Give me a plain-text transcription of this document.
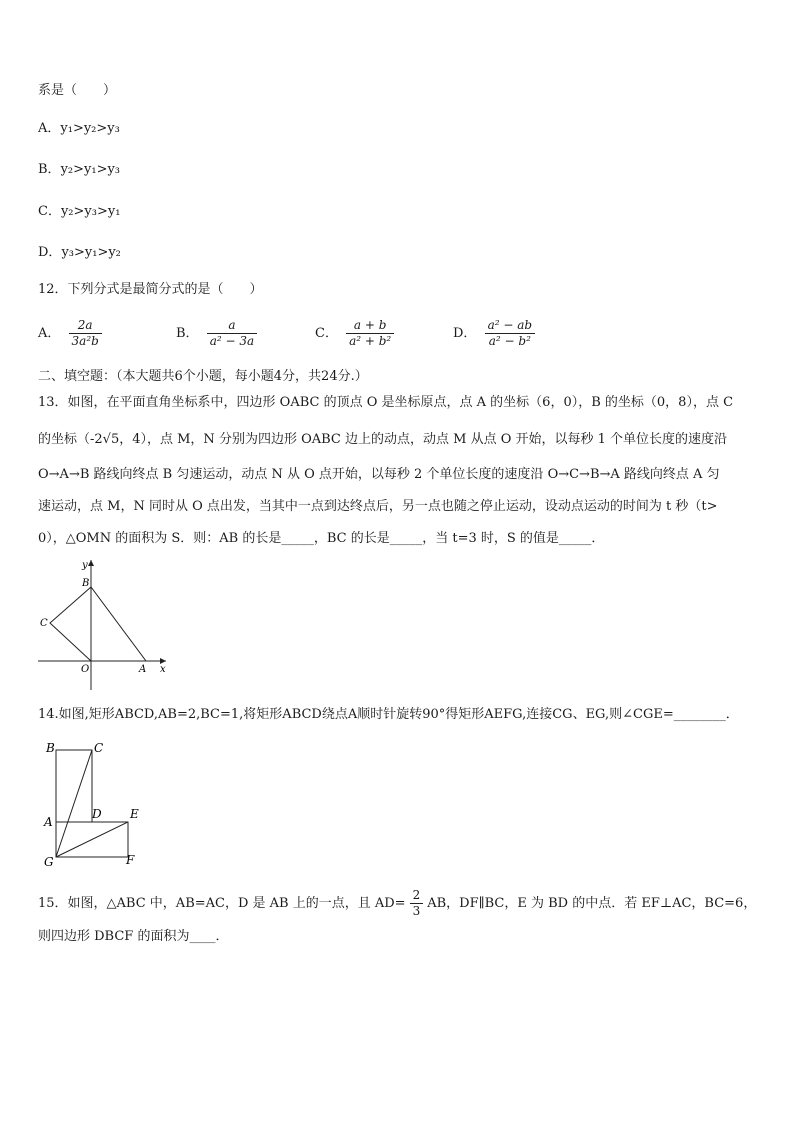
系是（　　）
A．y₁>y₂>y₃
B．y₂>y₁>y₃
C．y₂>y₃>y₁
D．y₃>y₁>y₂
12．下列分式是最简分式的是（　　）
A． $\frac{2a}{\text{3a²b}}$	B． $\frac{a}{\text{a² − 3a}}$	C． $\frac{a + b}{\text{a² + b²}}$	D． $\frac{\text{a² − ab}}{\text{a² − b²}}$
二、填空题：（本大题共6个小题，每小题4分，共24分.）
13．如图，在平面直角坐标系中，四边形 OABC 的顶点 O 是坐标原点，点 A 的坐标（6，0），B 的坐标（0，8），点 C
的坐标（-2√5，4），点 M，N 分别为四边形 OABC 边上的动点，动点 M 从点 O 开始，以每秒 1 个单位长度的速度沿
O→A→B 路线向终点 B 匀速运动，动点 N 从 O 点开始，以每秒 2 个单位长度的速度沿 O→C→B→A 路线向终点 A 匀
速运动，点 M，N 同时从 O 点出发，当其中一点到达终点后，另一点也随之停止运动，设动点运动的时间为 t 秒（t>
0），△OMN 的面积为 S．则：AB 的长是_____，BC 的长是_____，当 t=3 时，S 的值是_____．
y
x
B
C
O	A
14.如图,矩形ABCD,AB=2,BC=1,将矩形ABCD绕点A顺时针旋转90°得矩形AEFG,连接CG、EG,则∠CGE=________．
B	C
D
A
E
G	F
15．如图，△ABC 中，AB=AC，D 是 AB 上的一点，且 $AD= \frac{2}{3}$ AB，DF∥BC，E 为 BD 的中点．若 EF⊥AC，BC=6，
则四边形 DBCF 的面积为____．
